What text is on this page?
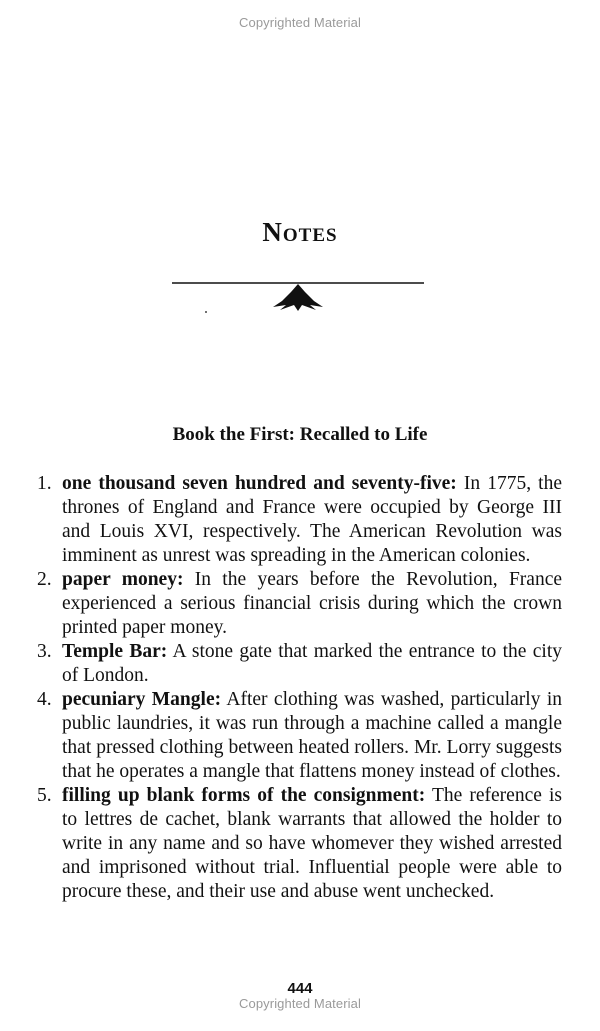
Copyrighted Material
Notes
Book the First: Recalled to Life
1. one thousand seven hundred and seventy-five: In 1775, the thrones of England and France were occupied by George III and Louis XVI, respectively. The American Revolution was imminent as unrest was spreading in the American colonies.
2. paper money: In the years before the Revolution, France experienced a serious financial crisis during which the crown printed paper money.
3. Temple Bar: A stone gate that marked the entrance to the city of London.
4. pecuniary Mangle: After clothing was washed, particularly in public laundries, it was run through a machine called a mangle that pressed clothing between heated rollers. Mr. Lorry suggests that he operates a mangle that flattens money instead of clothes.
5. filling up blank forms of the consignment: The reference is to lettres de cachet, blank warrants that allowed the holder to write in any name and so have whomever they wished arrested and imprisoned without trial. Influential people were able to procure these, and their use and abuse went unchecked.
444
Copyrighted Material
